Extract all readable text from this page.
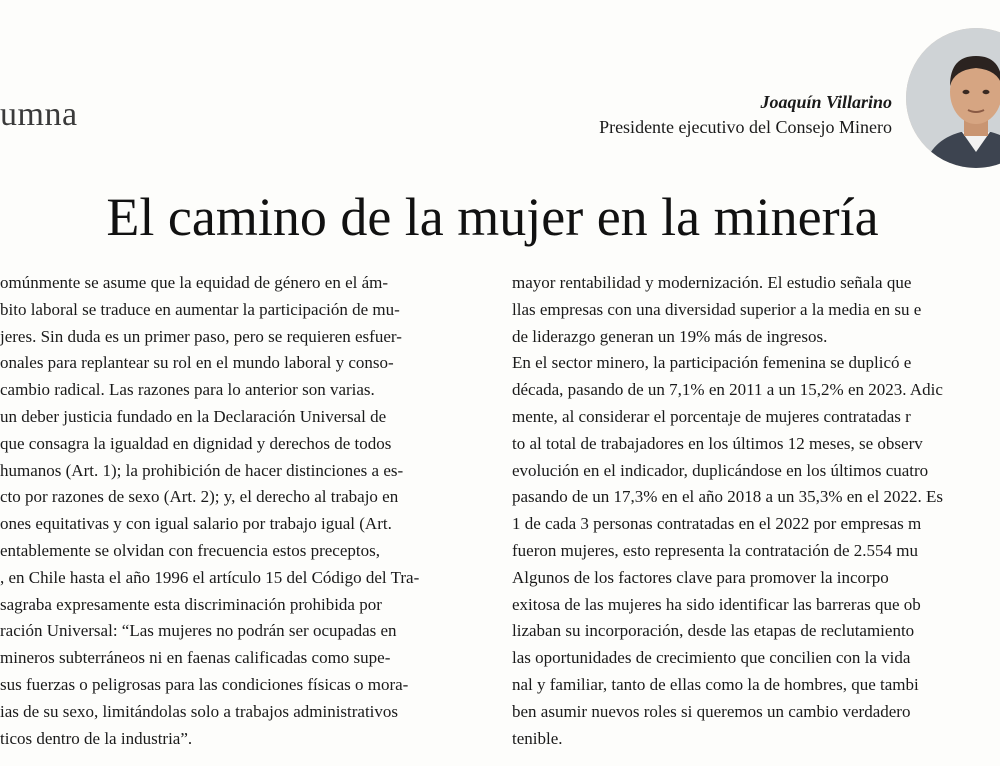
umna	Joaquín Villarino
Presidente ejecutivo del Consejo Minero
El camino de la mujer en la minería
omúnmente se asume que la equidad de género en el ám-
bito laboral se traduce en aumentar la participación de mu-
jeres. Sin duda es un primer paso, pero se requieren esfuer-
onales para replantear su rol en el mundo laboral y conso-
cambio radical. Las razones para lo anterior son varias.
un deber justicia fundado en la Declaración Universal de
que consagra la igualdad en dignidad y derechos de todos
humanos (Art. 1); la prohibición de hacer distinciones a es-
cto por razones de sexo (Art. 2); y, el derecho al trabajo en
ones equitativas y con igual salario por trabajo igual (Art.
entablemente se olvidan con frecuencia estos preceptos,
, en Chile hasta el año 1996 el artículo 15 del Código del Tra-
sagraba expresamente esta discriminación prohibida por
ración Universal: “Las mujeres no podrán ser ocupadas en
mineros subterráneos ni en faenas calificadas como supe-
sus fuerzas o peligrosas para las condiciones físicas o mora-
ias de su sexo, limitándolas solo a trabajos administrativos
ticos dentro de la industria”.
mayor rentabilidad y modernización. El estudio señala que
llas empresas con una diversidad superior a la media en su e
de liderazgo generan un 19% más de ingresos.
En el sector minero, la participación femenina se duplicó e
década, pasando de un 7,1% en 2011 a un 15,2% en 2023. Adic
mente, al considerar el porcentaje de mujeres contratadas r
to al total de trabajadores en los últimos 12 meses, se observ
evolución en el indicador, duplicándose en los últimos cuatro
pasando de un 17,3% en el año 2018 a un 35,3% en el 2022. Es
1 de cada 3 personas contratadas en el 2022 por empresas m
fueron mujeres, esto representa la contratación de 2.554 mu
Algunos de los factores clave para promover la incorpo
exitosa de las mujeres ha sido identificar las barreras que ob
lizaban su incorporación, desde las etapas de reclutamiento
las oportunidades de crecimiento que concilien con la vida
nal y familiar, tanto de ellas como la de hombres, que tambi
ben asumir nuevos roles si queremos un cambio verdadero
tenible.
